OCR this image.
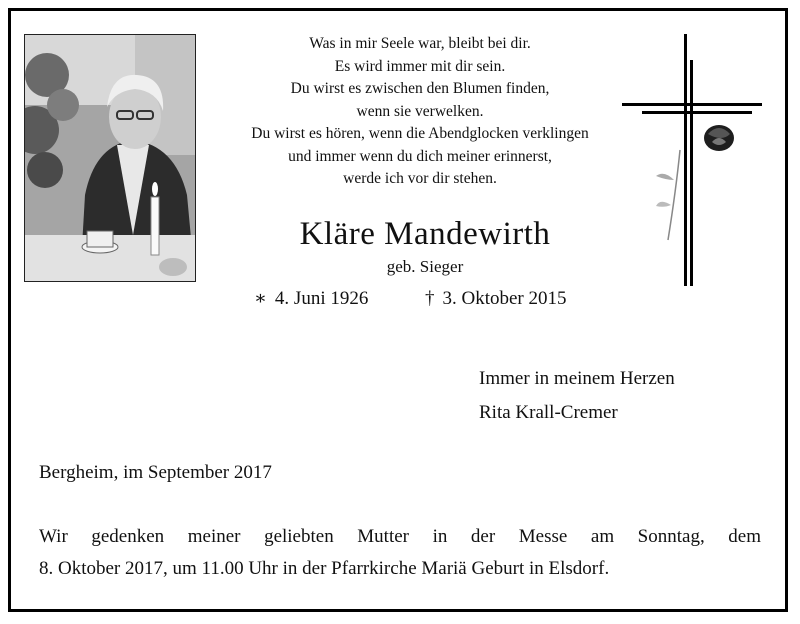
Was in mir Seele war, bleibt bei dir.
Es wird immer mit dir sein.
Du wirst es zwischen den Blumen finden,
wenn sie verwelken.
Du wirst es hören, wenn die Abendglocken verklingen
und immer wenn du dich meiner erinnerst,
werde ich vor dir stehen.
Kläre Mandewirth
geb. Sieger
∗ 4. Juni 1926	† 3. Oktober 2015
Immer in meinem Herzen
Rita Krall-Cremer
Bergheim, im September 2017
Wir gedenken meiner geliebten Mutter in der Messe am Sonntag, dem
8. Oktober 2017, um 11.00 Uhr in der Pfarrkirche Mariä Geburt in Elsdorf.
